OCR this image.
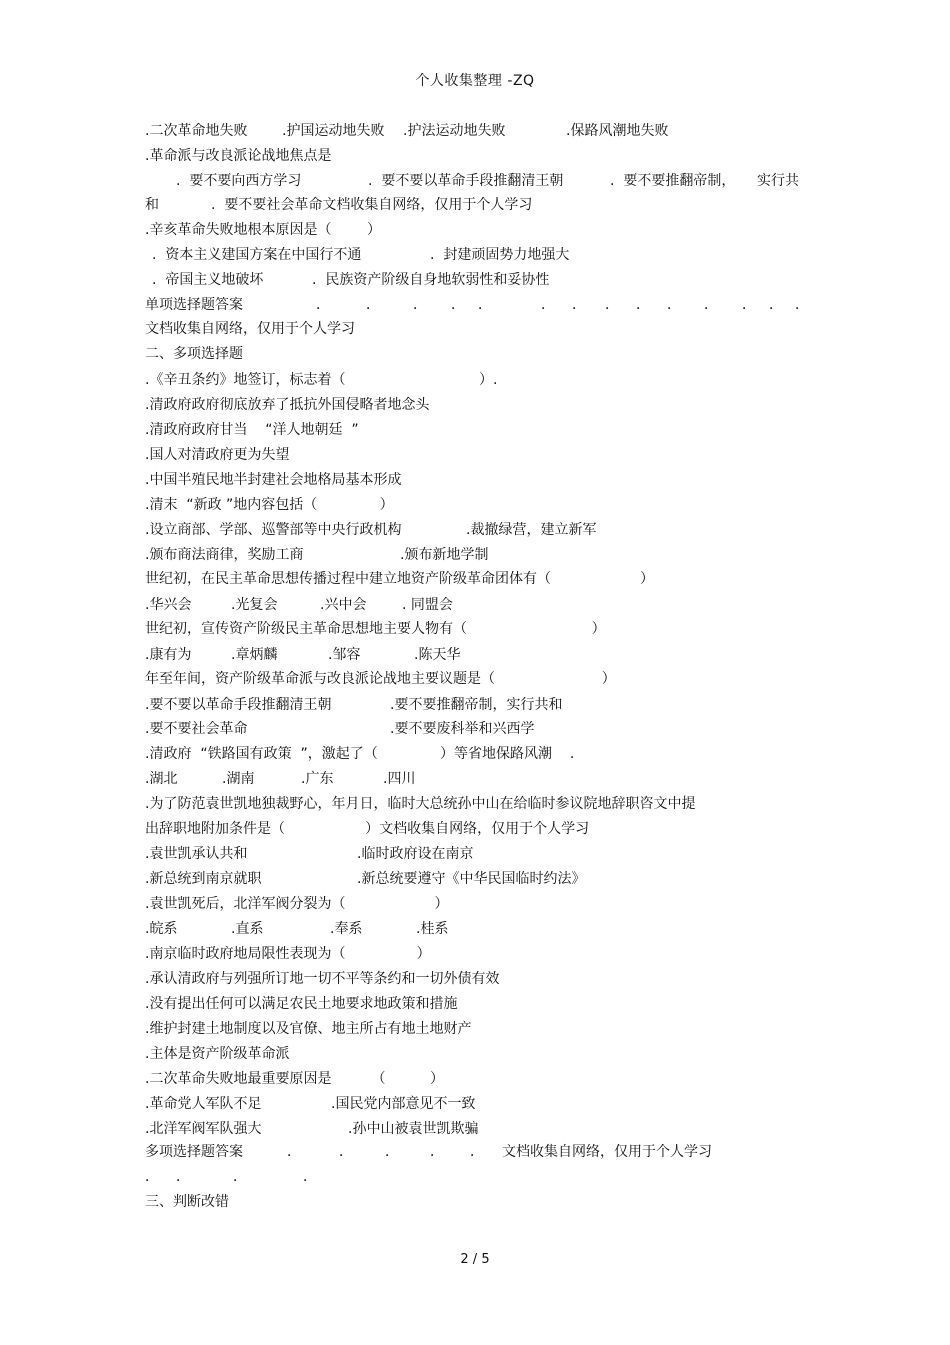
个人收集整理 -ZQ
.二次革命地失败 .护国运动地失败 .护法运动地失败	.保路风潮地失败
.革命派与改良派论战地焦点是
.  要不要向西方学习	.  要不要以革命手段推翻清王朝	.  要不要推翻帝制， 实行共
和	.  要不要社会革命文档收集自网络，仅用于个人学习
.辛亥革命失败地根本原因是（        ）
.  资本主义建国方案在中国行不通	.  封建顽固势力地强大
.  帝国主义地破坏	.  民族资产阶级自身地软弱性和妥协性
单项选择题答案	．	． ． ． ．	． ． ． ． ． ． ． ． ．
文档收集自网络，仅用于个人学习
二、多项选择题
.《辛丑条约》地签订，标志着（                              ）.
.清政府政府彻底放弃了抵抗外国侵略者地念头
.清政府政府甘当    “洋人地朝廷  ”
.国人对清政府更为失望
.中国半殖民地半封建社会地格局基本形成
.清末  “新政 ”地内容包括（              ）
.设立商部、学部、巡警部等中央行政机构	.裁撤绿营，建立新军
.颁布商法商律，奖励工商	.颁布新地学制
世纪初，在民主革命思想传播过程中建立地资产阶级革命团体有（                    ）
.华兴会	.光复会	.兴中会	. 同盟会
世纪初，宣传资产阶级民主革命思想地主要人物有（                            ）
.康有为	.章炳麟	.邹容	.陈天华
年至年间，资产阶级革命派与改良派论战地主要议题是（                        ）
.要不要以革命手段推翻清王朝	.要不要推翻帝制，实行共和
.要不要社会革命	.要不要废科举和兴西学
.清政府  “铁路国有政策  ”，激起了（              ）等省地保路风潮    .
.湖北	.湖南	.广东	.四川
.为了防范袁世凯地独裁野心，年月日，临时大总统孙中山在给临时参议院地辞职咨文中提
出辞职地附加条件是（                  ）文档收集自网络，仅用于个人学习
.袁世凯承认共和	.临时政府设在南京
.新总统到南京就职	.新总统要遵守《中华民国临时约法》
.袁世凯死后，北洋军阀分裂为（                    ）
.皖系	.直系	.奉系	.桂系
.南京临时政府地局限性表现为（                ）
.承认清政府与列强所订地一切不平等条约和一切外债有效
.没有提出任何可以满足农民土地要求地政策和措施
.维护封建土地制度以及官僚、地主所占有地土地财产
.主体是资产阶级革命派
.二次革命失败地最重要原因是         （          ）
.革命党人军队不足	.国民党内部意见不一致
.北洋军阀军队强大	.孙中山被袁世凯欺骗
多项选择题答案	．	． ． ． ． 文档收集自网络，仅用于个人学习
． ．	．	．
三、判断改错
2 / 5
